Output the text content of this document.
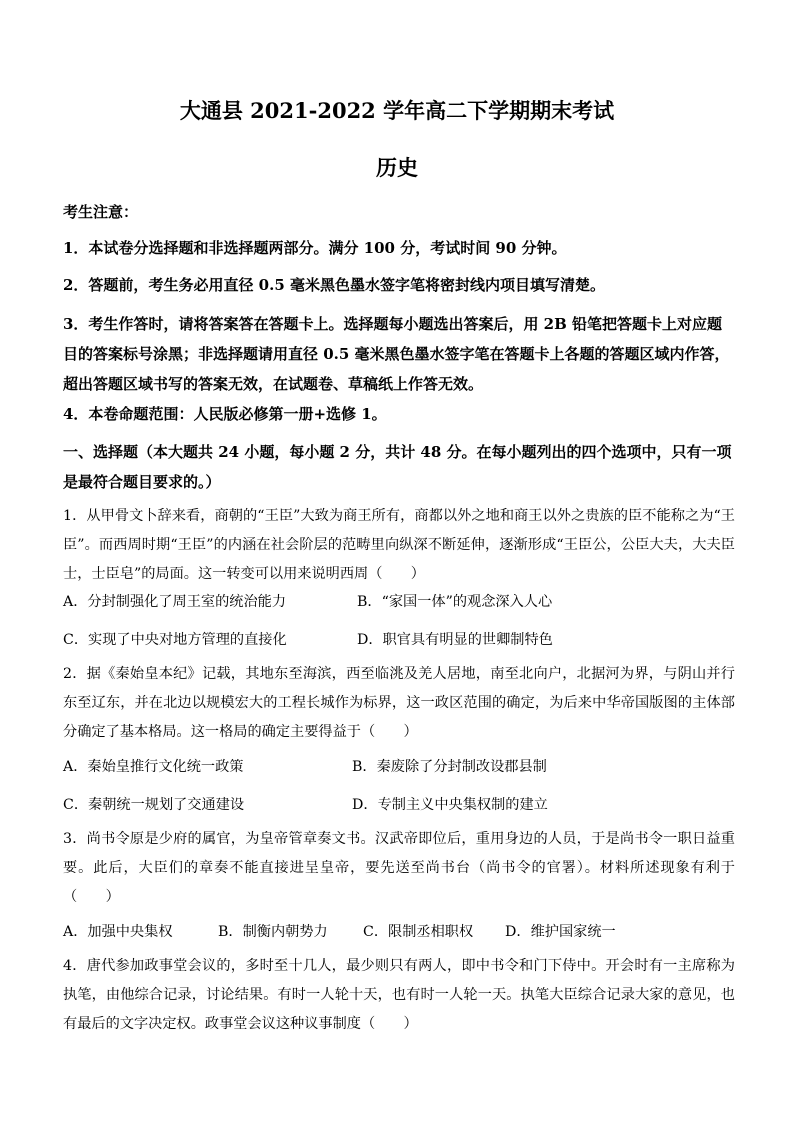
大通县 2021-2022 学年高二下学期期末考试
历史
考生注意：
1．本试卷分选择题和非选择题两部分。满分 100 分，考试时间 90 分钟。
2．答题前，考生务必用直径 0.5 毫米黑色墨水签字笔将密封线内项目填写清楚。
3．考生作答时，请将答案答在答题卡上。选择题每小题选出答案后，用 2B 铅笔把答题卡上对应题目的答案标号涂黑；非选择题请用直径 0.5 毫米黑色墨水签字笔在答题卡上各题的答题区域内作答，超出答题区域书写的答案无效，在试题卷、草稿纸上作答无效。
4．本卷命题范围：人民版必修第一册+选修 1。
一、选择题（本大题共 24 小题，每小题 2 分，共计 48 分。在每小题列出的四个选项中，只有一项是最符合题目要求的。）
1．从甲骨文卜辞来看，商朝的“王臣”大致为商王所有，商都以外之地和商王以外之贵族的臣不能称之为“王臣”。而西周时期“王臣”的内涵在社会阶层的范畴里向纵深不断延伸，逐渐形成“王臣公，公臣大夫，大夫臣士，士臣皂”的局面。这一转变可以用来说明西周（　　）
A．分封制强化了周王室的统治能力	B．“家国一体”的观念深入人心
C．实现了中央对地方管理的直接化	D．职官具有明显的世卿制特色
2．据《秦始皇本纪》记载，其地东至海滨，西至临洮及羌人居地，南至北向户，北据河为界，与阴山并行东至辽东，并在北边以规模宏大的工程长城作为标界，这一政区范围的确定，为后来中华帝国版图的主体部分确定了基本格局。这一格局的确定主要得益于（　　）
A．秦始皇推行文化统一政策	B．秦废除了分封制改设郡县制
C．秦朝统一规划了交通建设	D．专制主义中央集权制的建立
3．尚书令原是少府的属官，为皇帝管章奏文书。汉武帝即位后，重用身边的人员，于是尚书令一职日益重要。此后，大臣们的章奏不能直接进呈皇帝，要先送至尚书台（尚书令的官署）。材料所述现象有利于（　　）
A．加强中央集权	B．制衡内朝势力 C．限制丞相职权 D．维护国家统一
4．唐代参加政事堂会议的，多时至十几人，最少则只有两人，即中书令和门下侍中。开会时有一主席称为执笔，由他综合记录，讨论结果。有时一人轮十天，也有时一人轮一天。执笔大臣综合记录大家的意见，也有最后的文字决定权。政事堂会议这种议事制度（　　）
